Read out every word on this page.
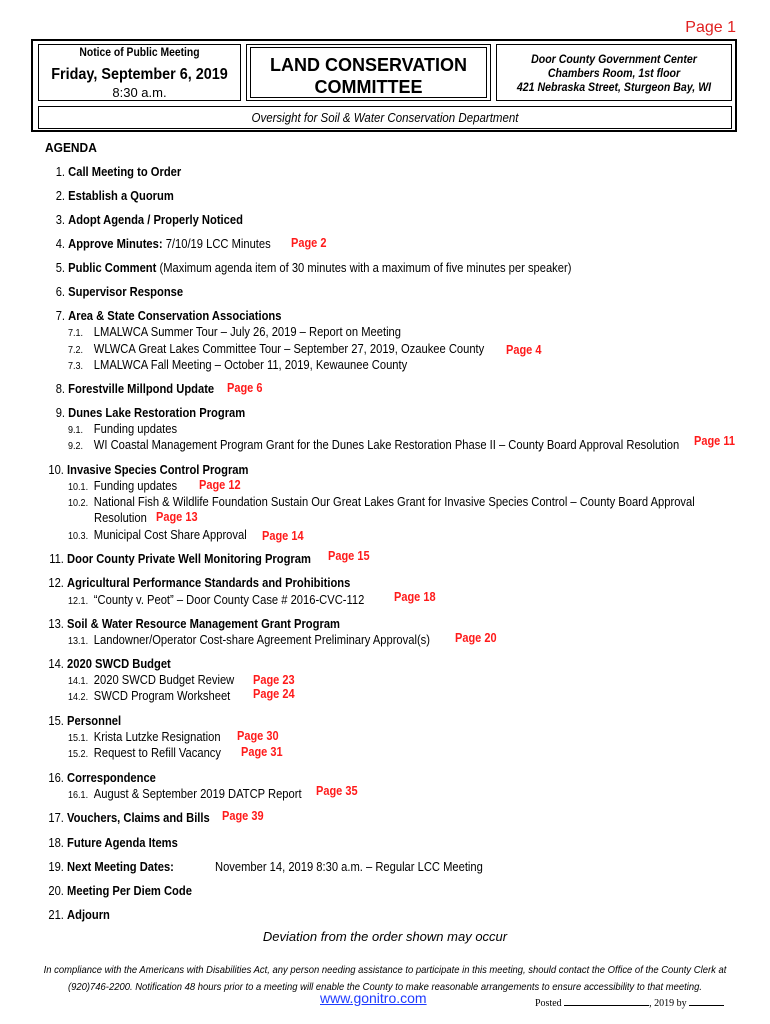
Page 1
Notice of Public Meeting
Friday, September 6, 2019
8:30 a.m.
LAND CONSERVATION
COMMITTEE
Door County Government Center
Chambers Room, 1st floor
421 Nebraska Street, Sturgeon Bay, WI
Oversight for Soil & Water Conservation Department
AGENDA
1. Call Meeting to Order
2. Establish a Quorum
3. Adopt Agenda / Properly Noticed
4. Approve Minutes: 7/10/19 LCC Minutes Page 2
5. Public Comment (Maximum agenda item of 30 minutes with a maximum of five minutes per speaker)
6. Supervisor Response
7. Area & State Conservation Associations
7.1. LMALWCA Summer Tour – July 26, 2019 – Report on Meeting
7.2. WLWCA Great Lakes Committee Tour – September 27, 2019, Ozaukee County Page 4
7.3. LMALWCA Fall Meeting – October 11, 2019, Kewaunee County
8. Forestville Millpond Update Page 6
9. Dunes Lake Restoration Program
9.1. Funding updates
9.2. WI Coastal Management Program Grant for the Dunes Lake Restoration Phase II – County Board Approval Resolution Page 11
10. Invasive Species Control Program
10.1. Funding updates Page 12
10.2. National Fish & Wildlife Foundation Sustain Our Great Lakes Grant for Invasive Species Control – County Board Approval
Resolution Page 13
10.3. Municipal Cost Share Approval Page 14
11. Door County Private Well Monitoring Program Page 15
12. Agricultural Performance Standards and Prohibitions
12.1. “County v. Peot” – Door County Case # 2016-CVC-112 Page 18
13. Soil & Water Resource Management Grant Program
13.1. Landowner/Operator Cost-share Agreement Preliminary Approval(s) Page 20
14. 2020 SWCD Budget
14.1. 2020 SWCD Budget Review Page 23
14.2. SWCD Program Worksheet Page 24
15. Personnel
15.1. Krista Lutzke Resignation Page 30
15.2. Request to Refill Vacancy Page 31
16. Correspondence
16.1. August & September 2019 DATCP Report Page 35
17. Vouchers, Claims and Bills Page 39
18. Future Agenda Items
19. Next Meeting Dates:	November 14, 2019 8:30 a.m. – Regular LCC Meeting
20. Meeting Per Diem Code
21. Adjourn
Deviation from the order shown may occur
In compliance with the Americans with Disabilities Act, any person needing assistance to participate in this meeting, should contact the Office of the County Clerk at
(920)746-2200. Notification 48 hours prior to a meeting will enable the County to make reasonable arrangements to ensure accessibility to that meeting.
www.gonitro.com	Posted	, 2019 by
